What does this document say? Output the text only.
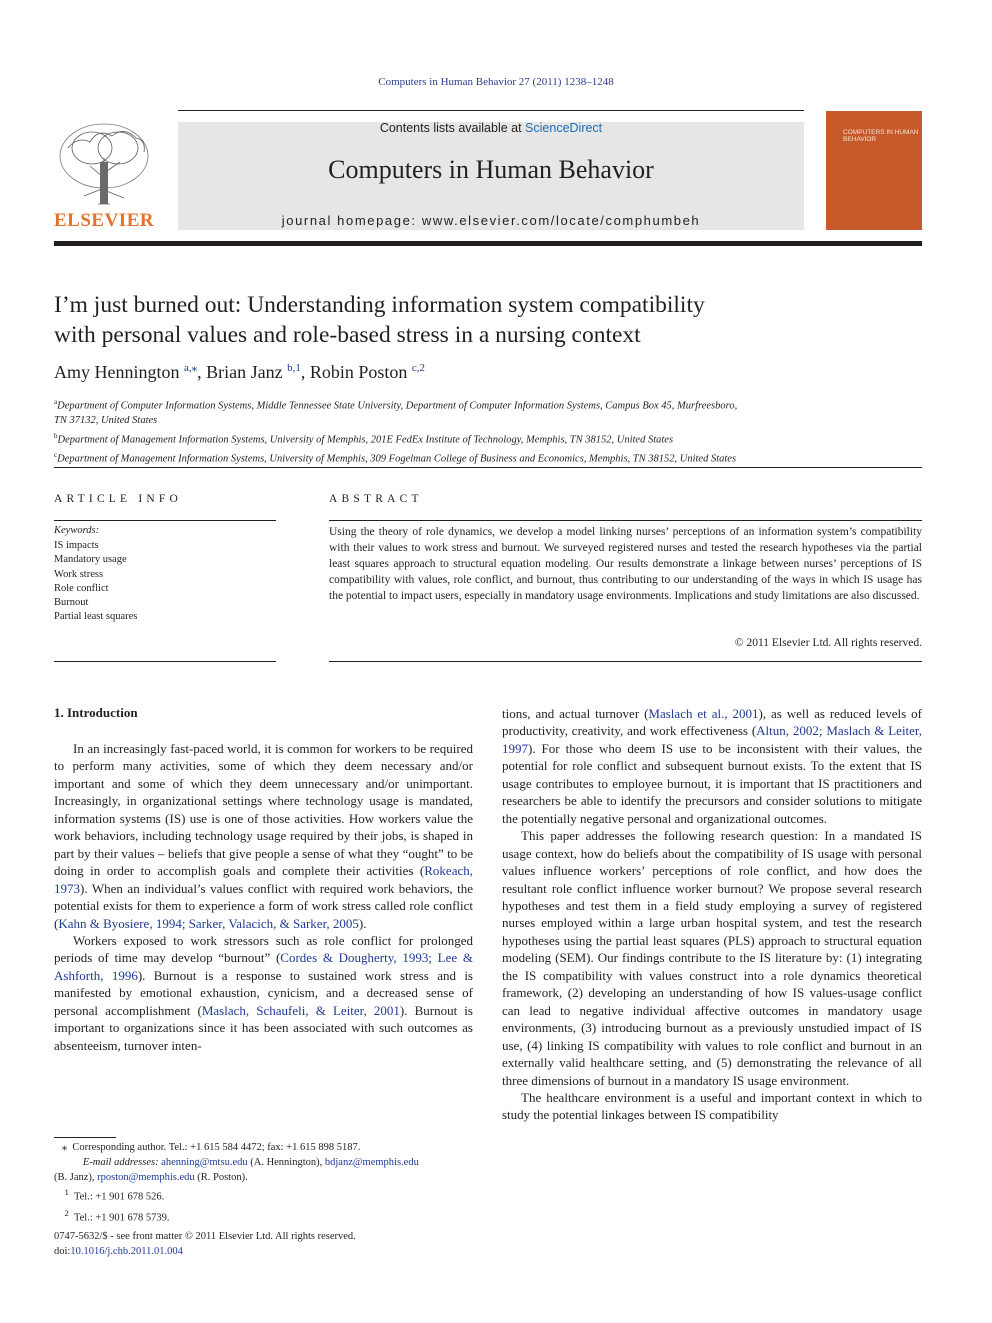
Computers in Human Behavior 27 (2011) 1238–1248
ELSEVIER
Contents lists available at ScienceDirect
Computers in Human Behavior
journal homepage: www.elsevier.com/locate/comphumbeh
COMPUTERS IN HUMAN BEHAVIOR
I’m just burned out: Understanding information system compatibility
with personal values and role-based stress in a nursing context
Amy Hennington $^{a,⁎}$, Brian Janz $^{b,1}$, Robin Poston $^{c,2}$
$^a$Department of Computer Information Systems, Middle Tennessee State University, Department of Computer Information Systems, Campus Box 45, Murfreesboro,
TN 37132, United States
$^b$Department of Management Information Systems, University of Memphis, 201E FedEx Institute of Technology, Memphis, TN 38152, United States
$^c$Department of Management Information Systems, University of Memphis, 309 Fogelman College of Business and Economics, Memphis, TN 38152, United States
ARTICLE INFO
Keywords:
IS impacts
Mandatory usage
Work stress
Role conflict
Burnout
Partial least squares
ABSTRACT
Using the theory of role dynamics, we develop a model linking nurses’ perceptions of an information system’s compatibility with their values to work stress and burnout. We surveyed registered nurses and tested the research hypotheses via the partial least squares approach to structural equation modeling. Our results demonstrate a linkage between nurses’ perceptions of IS compatibility with values, role conflict, and burnout, thus contributing to our understanding of the ways in which IS usage has the potential to impact users, especially in mandatory usage environments. Implications and study limitations are also discussed.
© 2011 Elsevier Ltd. All rights reserved.
1. Introduction

In an increasingly fast-paced world, it is common for workers to be required to perform many activities, some of which they deem necessary and/or important and some of which they deem unnecessary and/or unimportant. Increasingly, in organizational settings where technology usage is mandated, information systems (IS) use is one of those activities. How workers value the work behaviors, including technology usage required by their jobs, is shaped in part by their values – beliefs that give people a sense of what they “ought” to be doing in order to accomplish goals and complete their activities (Rokeach, 1973). When an individual’s values conflict with required work behaviors, the potential exists for them to experience a form of work stress called role conflict (Kahn & Byosiere, 1994; Sarker, Valacich, & Sarker, 2005).

Workers exposed to work stressors such as role conflict for prolonged periods of time may develop “burnout” (Cordes & Dougherty, 1993; Lee & Ashforth, 1996). Burnout is a response to sustained work stress and is manifested by emotional exhaustion, cynicism, and a decreased sense of personal accomplishment (Maslach, Schaufeli, & Leiter, 2001). Burnout is important to organizations since it has been associated with such outcomes as absenteeism, turnover inten-

tions, and actual turnover (Maslach et al., 2001), as well as reduced levels of productivity, creativity, and work effectiveness (Altun, 2002; Maslach & Leiter, 1997). For those who deem IS use to be inconsistent with their values, the potential for role conflict and subsequent burnout exists. To the extent that IS usage contributes to employee burnout, it is important that IS practitioners and researchers be able to identify the precursors and consider solutions to mitigate the potentially negative personal and organizational outcomes.

This paper addresses the following research question: In a mandated IS usage context, how do beliefs about the compatibility of IS usage with personal values influence workers’ perceptions of role conflict, and how does the resultant role conflict influence worker burnout? We propose several research hypotheses and test them in a field study employing a survey of registered nurses employed within a large urban hospital system, and test the research hypotheses using the partial least squares (PLS) approach to structural equation modeling (SEM). Our findings contribute to the IS literature by: (1) integrating the IS compatibility with values construct into a role dynamics theoretical framework, (2) developing an understanding of how IS values-usage conflict can lead to negative individual affective outcomes in mandatory usage environments, (3) introducing burnout as a previously unstudied impact of IS use, (4) linking IS compatibility with values to role conflict and burnout in an externally valid healthcare setting, and (5) demonstrating the relevance of all three dimensions of burnout in a mandatory IS usage environment.

The healthcare environment is a useful and important context in which to study the potential linkages between IS compatibility

⁎ Corresponding author. Tel.: +1 615 584 4472; fax: +1 615 898 5187.
E-mail addresses: ahenning@mtsu.edu (A. Hennington), bdjanz@memphis.edu
(B. Janz), rposton@memphis.edu (R. Poston).
$^1$ Tel.: +1 901 678 526.
$^2$ Tel.: +1 901 678 5739.
0747-5632/$ - see front matter © 2011 Elsevier Ltd. All rights reserved.
doi:10.1016/j.chb.2011.01.004
